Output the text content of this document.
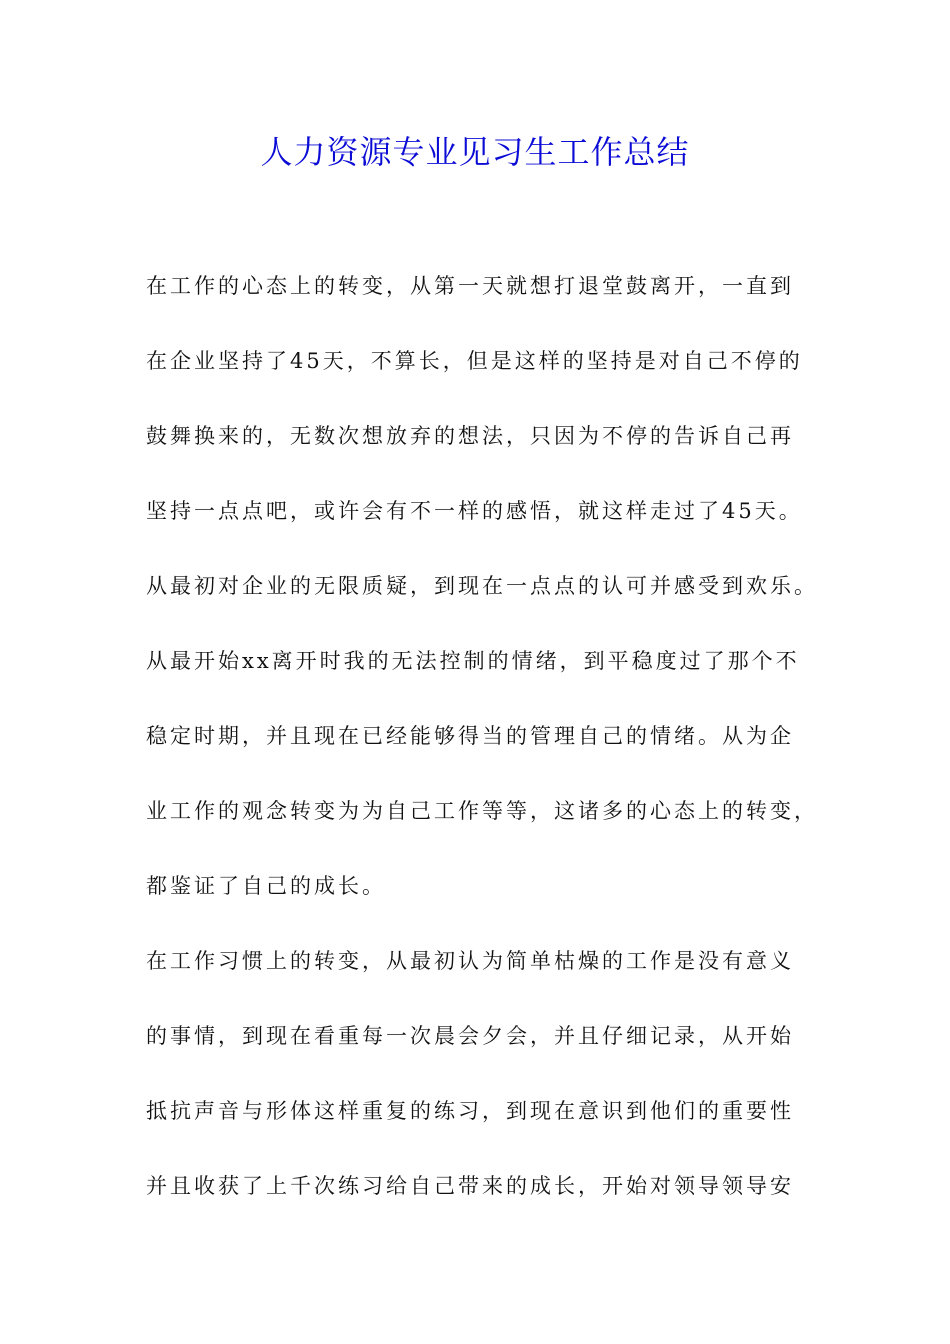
人力资源专业见习生工作总结
在工作的心态上的转变，从第一天就想打退堂鼓离开，一直到
在企业坚持了45天，不算长，但是这样的坚持是对自己不停的
鼓舞换来的，无数次想放弃的想法，只因为不停的告诉自己再
坚持一点点吧，或许会有不一样的感悟，就这样走过了45天。
从最初对企业的无限质疑，到现在一点点的认可并感受到欢乐。
从最开始xx离开时我的无法控制的情绪，到平稳度过了那个不
稳定时期，并且现在已经能够得当的管理自己的情绪。从为企
业工作的观念转变为为自己工作等等，这诸多的心态上的转变，
都鉴证了自己的成长。
在工作习惯上的转变，从最初认为简单枯燥的工作是没有意义
的事情，到现在看重每一次晨会夕会，并且仔细记录，从开始
抵抗声音与形体这样重复的练习，到现在意识到他们的重要性
并且收获了上千次练习给自己带来的成长，开始对领导领导安
